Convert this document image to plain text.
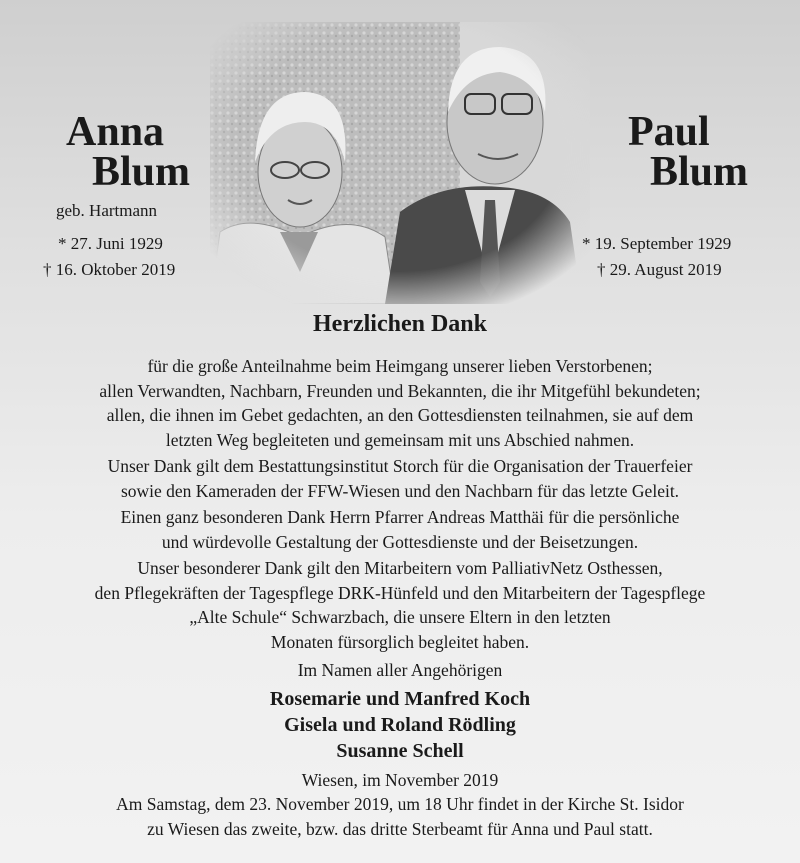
Anna
Blum
geb. Hartmann
* 27. Juni 1929
† 16. Oktober 2019
Paul
Blum
* 19. September 1929
† 29. August 2019
Herzlichen Dank

für die große Anteilnahme beim Heimgang unserer lieben Verstorbenen;
allen Verwandten, Nachbarn, Freunden und Bekannten, die ihr Mitgefühl bekundeten;
allen, die ihnen im Gebet gedachten, an den Gottesdiensten teilnahmen, sie auf dem
letzten Weg begleiteten und gemeinsam mit uns Abschied nahmen.

Unser Dank gilt dem Bestattungsinstitut Storch für die Organisation der Trauerfeier
sowie den Kameraden der FFW-Wiesen und den Nachbarn für das letzte Geleit.

Einen ganz besonderen Dank Herrn Pfarrer Andreas Matthäi für die persönliche
und würdevolle Gestaltung der Gottesdienste und der Beisetzungen.

Unser besonderer Dank gilt den Mitarbeitern vom PalliativNetz Osthessen,
den Pflegekräften der Tagespflege DRK-Hünfeld und den Mitarbeitern der Tagespflege
„Alte Schule“ Schwarzbach, die unsere Eltern in den letzten
Monaten fürsorglich begleitet haben.

Im Namen aller Angehörigen
Rosemarie und Manfred Koch
Gisela und Roland Rödling
Susanne Schell
Wiesen, im November 2019
Am Samstag, dem 23. November 2019, um 18 Uhr findet in der Kirche St. Isidor
zu Wiesen das zweite, bzw. das dritte Sterbeamt für Anna und Paul statt.
